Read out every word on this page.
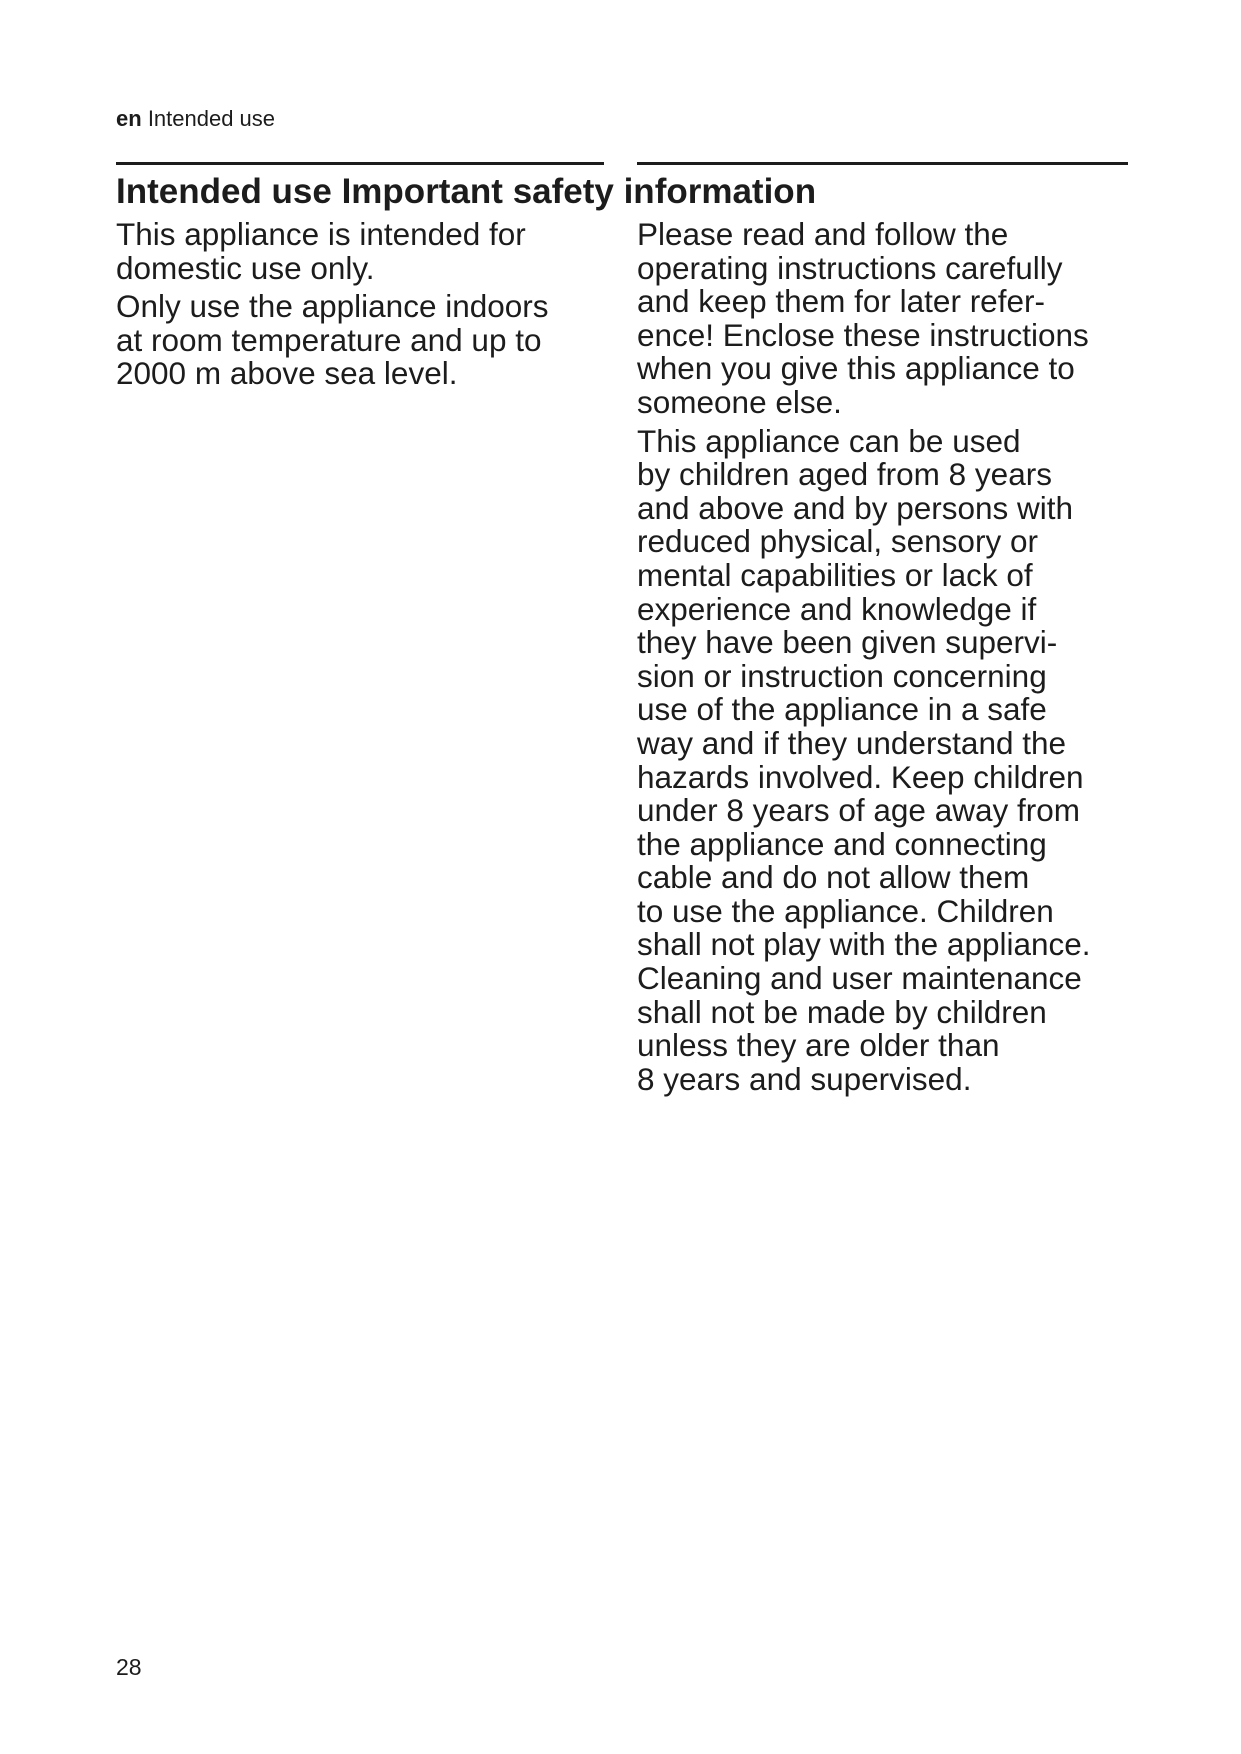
en Intended use
Intended use Important safety information

This appliance is intended for
domestic use only.

Only use the appliance indoors
at room temperature and up to
2000 m above sea level.

Please read and follow the
operating instructions carefully
and keep them for later refer-
ence! Enclose these instructions
when you give this appliance to
someone else.

This appliance can be used
by children aged from 8 years
and above and by persons with
reduced physical, sensory or
mental capabilities or lack of
experience and knowledge if
they have been given supervi-
sion or instruction concerning
use of the appliance in a safe
way and if they understand the
hazards involved. Keep children
under 8 years of age away from
the appliance and connecting
cable and do not allow them
to use the appliance. Children
shall not play with the appliance.
Cleaning and user maintenance
shall not be made by children
unless they are older than
8 years and supervised.

28
